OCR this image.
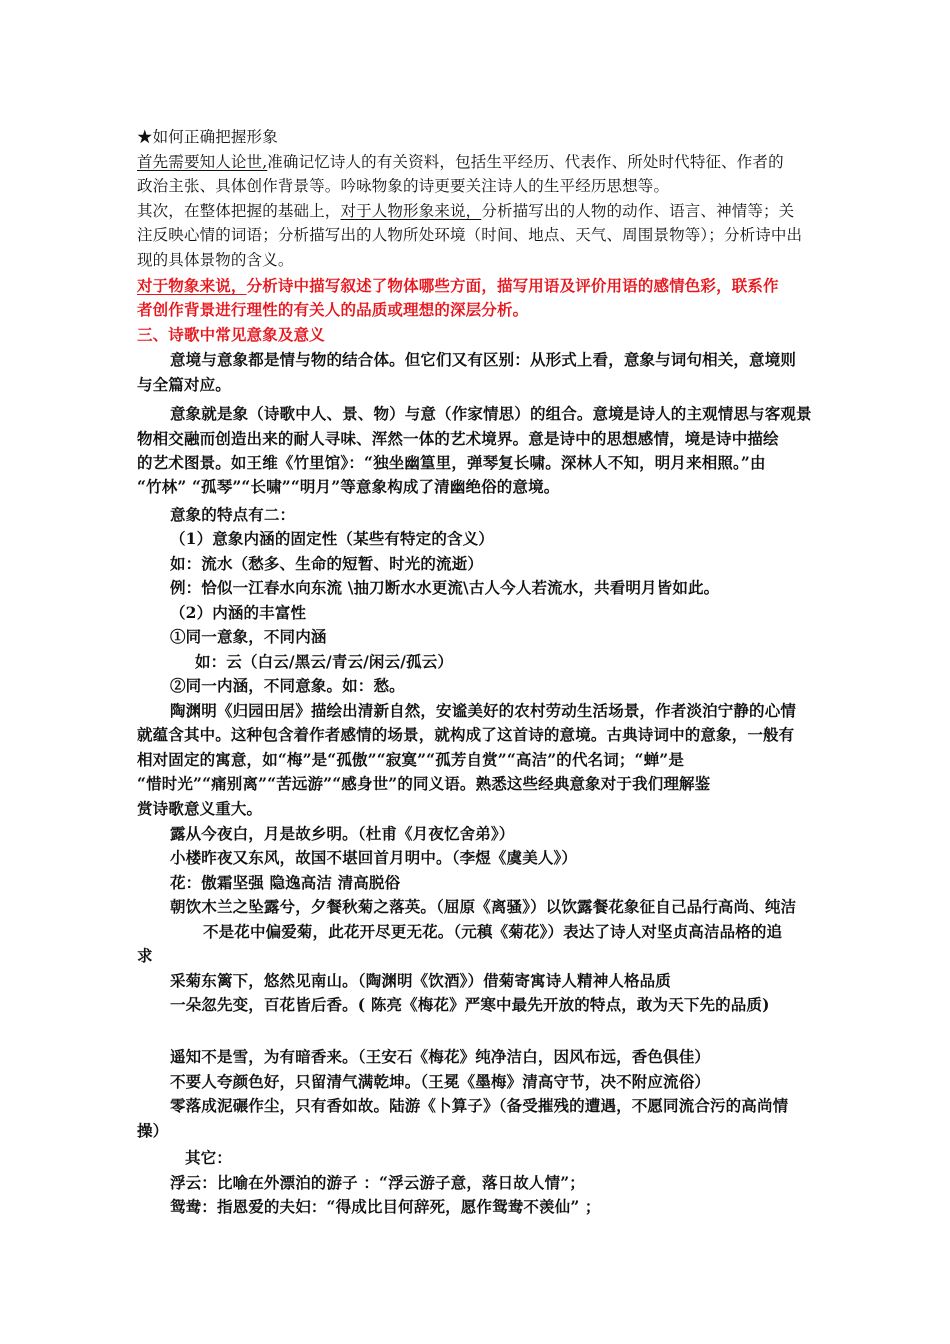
★如何正确把握形象
首先需要知人论世,准确记忆诗人的有关资料，包括生平经历、代表作、所处时代特征、作者的
政治主张、具体创作背景等。吟咏物象的诗更要关注诗人的生平经历思想等。
其次，在整体把握的基础上，对于人物形象来说，分析描写出的人物的动作、语言、神情等；关
注反映心情的词语；分析描写出的人物所处环境（时间、地点、天气、周围景物等）；分析诗中出
现的具体景物的含义。
对于物象来说，分析诗中描写叙述了物体哪些方面，描写用语及评价用语的感情色彩，联系作
者创作背景进行理性的有关人的品质或理想的深层分析。
三、诗歌中常见意象及意义
意境与意象都是情与物的结合体。但它们又有区别：从形式上看，意象与词句相关，意境则
与全篇对应。
意象就是象（诗歌中人、景、物）与意（作家情思）的组合。意境是诗人的主观情思与客观景
物相交融而创造出来的耐人寻味、浑然一体的艺术境界。意是诗中的思想感情，境是诗中描绘
的艺术图景。如王维《竹里馆》：“独坐幽篁里，弹琴复长啸。深林人不知，明月来相照。”由
“竹林” “孤琴”“长啸”“明月”等意象构成了清幽绝俗的意境。
意象的特点有二：
（1）意象内涵的固定性（某些有特定的含义）
如：流水（愁多、生命的短暂、时光的流逝）
例：恰似一江春水向东流 \抽刀断水水更流\古人今人若流水，共看明月皆如此。
（2）内涵的丰富性
①同一意象，不同内涵
如：云（白云/黑云/青云/闲云/孤云）
②同一内涵，不同意象。如：愁。
陶渊明《归园田居》描绘出清新自然，安谧美好的农村劳动生活场景，作者淡泊宁静的心情
就蕴含其中。这种包含着作者感情的场景，就构成了这首诗的意境。古典诗词中的意象，一般有
相对固定的寓意，如“梅”是“孤傲”“寂寞”“孤芳自赏”“高洁”的代名词；“蝉”是
“惜时光”“痛别离”“苦远游”“感身世”的同义语。熟悉这些经典意象对于我们理解鉴
赏诗歌意义重大。
露从今夜白，月是故乡明。（杜甫《月夜忆舍弟》）
小楼昨夜又东风，故国不堪回首月明中。（李煜《虞美人》）
花：傲霜坚强 隐逸高洁 清高脱俗
朝饮木兰之坠露兮，夕餐秋菊之落英。（屈原《离骚》）以饮露餐花象征自己品行高尚、纯洁
不是花中偏爱菊，此花开尽更无花。（元稹《菊花》）表达了诗人对坚贞高洁品格的追
求
采菊东篱下，悠然见南山。（陶渊明《饮酒》）借菊寄寓诗人精神人格品质
一朵忽先变，百花皆后香。( 陈亮《梅花》严寒中最先开放的特点，敢为天下先的品质)
遥知不是雪，为有暗香来。（王安石《梅花》纯净洁白，因风布远，香色俱佳）
不要人夸颜色好，只留清气满乾坤。（王冕《墨梅》清高守节，决不附应流俗）
零落成泥碾作尘，只有香如故。陆游《卜算子》（备受摧残的遭遇，不愿同流合污的高尚情
操）
其它：
浮云：比喻在外漂泊的游子 ：“浮云游子意，落日故人情”；
鸳鸯：指恩爱的夫妇：“得成比目何辞死，愿作鸳鸯不羡仙” ；
